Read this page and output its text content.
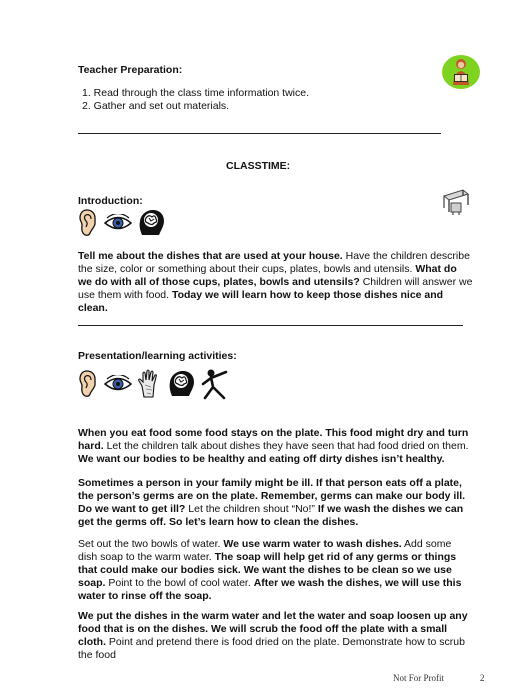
Teacher Preparation:
1. Read through the class time information twice.
2. Gather and set out materials.
CLASSTIME:
Introduction:

Tell me about the dishes that are used at your house. Have the children describe the size, color or something about their cups, plates, bowls and utensils. What do we do with all of those cups, plates, bowls and utensils? Children will answer we use them with food. Today we will learn how to keep those dishes nice and clean.

Presentation/learning activities:

When you eat food some food stays on the plate. This food might dry and turn hard. Let the children talk about dishes they have seen that had food dried on them. We want our bodies to be healthy and eating off dirty dishes isn’t healthy.

Sometimes a person in your family might be ill. If that person eats off a plate, the person’s germs are on the plate. Remember, germs can make our body ill. Do we want to get ill? Let the children shout “No!” If we wash the dishes we can get the germs off. So let’s learn how to clean the dishes.

Set out the two bowls of water. We use warm water to wash dishes. Add some dish soap to the warm water. The soap will help get rid of any germs or things that could make our bodies sick. We want the dishes to be clean so we use soap. Point to the bowl of cool water. After we wash the dishes, we will use this water to rinse off the soap.

We put the dishes in the warm water and let the water and soap loosen up any food that is on the dishes. We will scrub the food off the plate with a small cloth. Point and pretend there is food dried on the plate. Demonstrate how to scrub the food

Not For Profit	2
